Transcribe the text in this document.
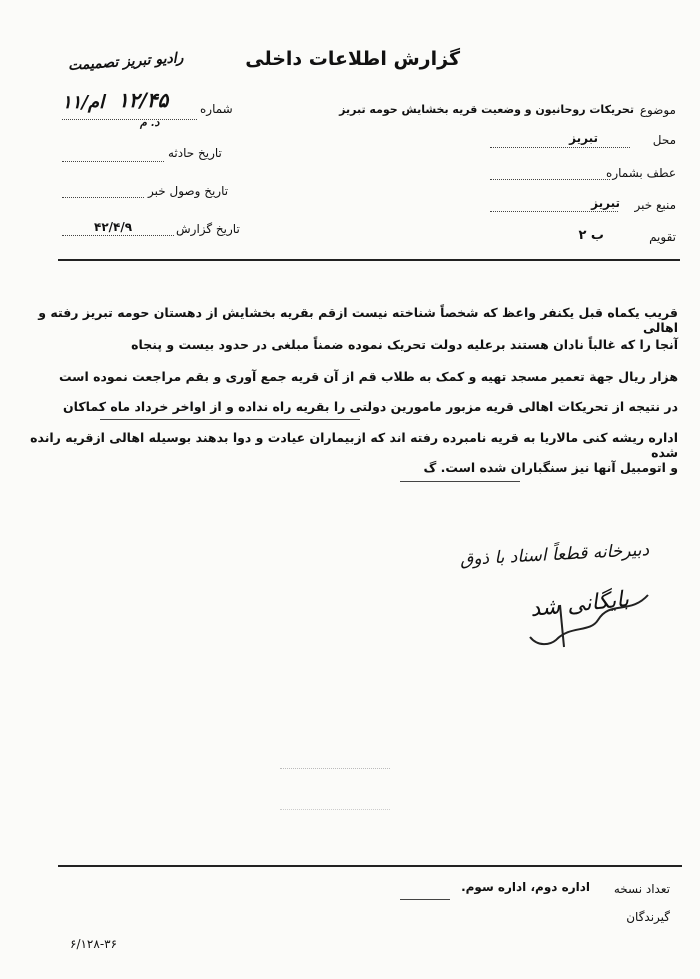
رادیو تبریز تصمیمت	گزارش اطلاعات داخلی
شماره
۱۲/۴۵
۱۱/ام
د. م
تاریخ حادثه
تاریخ وصول خبر
تاریخ گزارش
۴۲/۴/۹
موضوع
تحریکات روحانیون و وضعیت قریه بخشایش حومه تبریز
محل
تبریز
عطف بشماره
منبع خبر
تبریز
تقویم
ب ۲
قریب یکماه قبل یکنفر واعظ که شخصاً شناخته نیست ازقم بقریه بخشایش از دهستان حومه تبریز رفته و اهالی
آنجا را که غالباً نادان هستند برعلیه دولت تحریک نموده ضمناً مبلغی در حدود بیست و پنجاه
هزار ریال جهة تعمیر مسجد تهیه و کمک به طلاب قم از آن قریه جمع آوری و بقم مراجعت نموده است
در نتیجه از تحریکات اهالی قریه مزبور مامورین دولتی را بقریه راه نداده و از اواخر خرداد ماه کماکان
اداره ریشه کنی مالاریا به قریه نامبرده رفته اند که ازبیماران عیادت و دوا بدهند بوسیله اهالی ازقریه رانده شده
و اتومبیل آنها نیز سنگباران شده است. گ
دبیرخانه قطعاً اسناد با ذوق
بایگانی شد
تعداد نسخه
اداره دوم، اداره سوم.
گیرندگان
۶/۱۲۸-۳۶
